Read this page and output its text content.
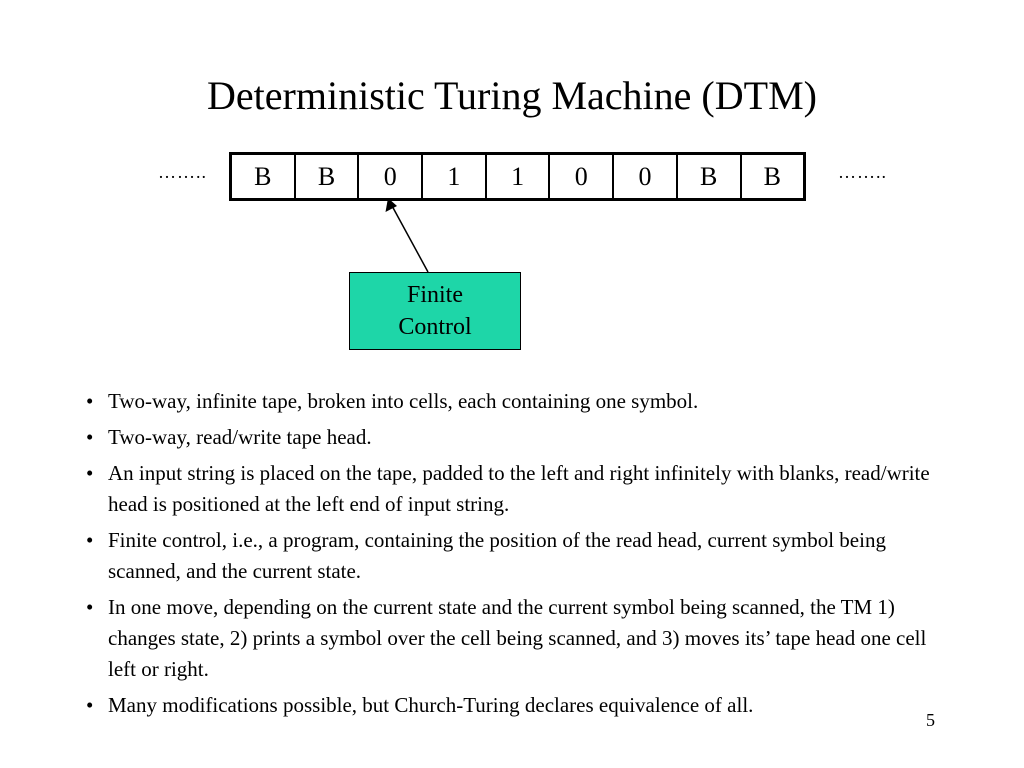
Deterministic Turing Machine (DTM)
……..	B	B	0	1	1	0	0	B	B	……..
Finite
Control
• Two-way, infinite tape, broken into cells, each containing one symbol.
• Two-way, read/write tape head.
• An input string is placed on the tape, padded to the left and right infinitely with blanks, read/write head is positioned at the left end of input string.
• Finite control, i.e., a program, containing the position of the read head, current symbol being scanned, and the current state.
• In one move, depending on the current state and the current symbol being scanned, the TM 1) changes state, 2) prints a symbol over the cell being scanned, and 3) moves its’ tape head one cell left or right.
• Many modifications possible, but Church-Turing declares equivalence of all.
5
